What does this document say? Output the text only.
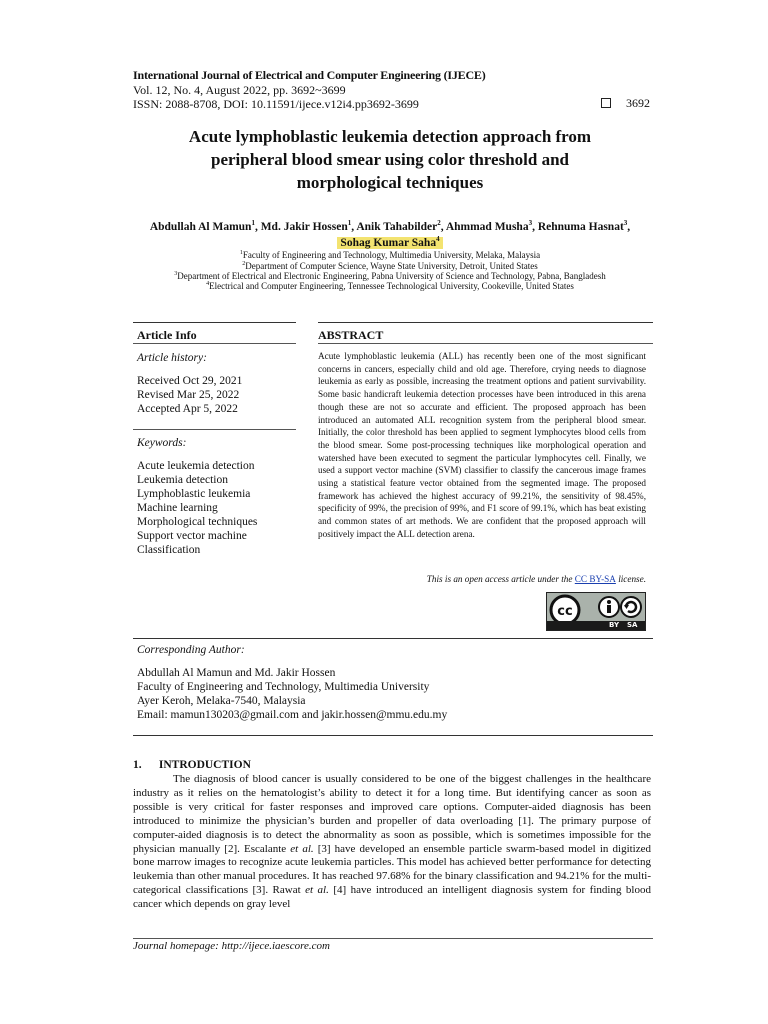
International Journal of Electrical and Computer Engineering (IJECE)
Vol. 12, No. 4, August 2022, pp. 3692~3699
ISSN: 2088-8708, DOI: 10.11591/ijece.v12i4.pp3692-3699	3692
Acute lymphoblastic leukemia detection approach from
peripheral blood smear using color threshold and
morphological techniques
Abdullah Al Mamun$^1$, Md. Jakir Hossen$^1$, Anik Tahabilder$^2$, Ahmmad Musha$^3$, Rehnuma Hasnat$^3$,
Sohag Kumar Saha$^4$
$^1$Faculty of Engineering and Technology, Multimedia University, Melaka, Malaysia
$^2$Department of Computer Science, Wayne State University, Detroit, United States
$^3$Department of Electrical and Electronic Engineering, Pabna University of Science and Technology, Pabna, Bangladesh
$^4$Electrical and Computer Engineering, Tennessee Technological University, Cookeville, United States
Article Info	ABSTRACT
Article history:
Received Oct 29, 2021
Revised Mar 25, 2022
Accepted Apr 5, 2022
Keywords:
Acute leukemia detection
Leukemia detection
Lymphoblastic leukemia
Machine learning
Morphological techniques
Support vector machine
Classification
Acute lymphoblastic leukemia (ALL) has recently been one of the most significant concerns in cancers, especially child and old age. Therefore, crying needs to diagnose leukemia as early as possible, increasing the treatment options and patient survivability. Some basic handicraft leukemia detection processes have been introduced in this arena though these are not so accurate and efficient. The proposed approach has been introduced an automated ALL recognition system from the peripheral blood smear. Initially, the color threshold has been applied to segment lymphocytes blood cells from the blood smear. Some post-processing techniques like morphological operation and watershed have been executed to segment the particular lymphocytes cell. Finally, we used a support vector machine (SVM) classifier to classify the cancerous image frames using a statistical feature vector obtained from the segmented image. The proposed framework has achieved the highest accuracy of 99.21%, the sensitivity of 98.45%, specificity of 99%, the precision of 99%, and F1 score of 99.1%, which has beat existing and common states of art methods. We are confident that the proposed approach will positively impact the ALL detection arena.
This is an open access article under the CC BY-SA license.
cc
BY SA
Corresponding Author:
Abdullah Al Mamun and Md. Jakir Hossen
Faculty of Engineering and Technology, Multimedia University
Ayer Keroh, Melaka-7540, Malaysia
Email: mamun130203@gmail.com and jakir.hossen@mmu.edu.my
1.      INTRODUCTION

The diagnosis of blood cancer is usually considered to be one of the biggest challenges in the healthcare industry as it relies on the hematologist’s ability to detect it for a long time. But identifying cancer as soon as possible is very critical for faster responses and improved care options. Computer-aided diagnosis has been introduced to minimize the physician’s burden and propeller of data overloading [1]. The primary purpose of computer-aided diagnosis is to detect the abnormality as soon as possible, which is sometimes impossible for the physician manually [2]. Escalante et al. [3] have developed an ensemble particle swarm-based model in digitized bone marrow images to recognize acute leukemia particles. This model has achieved better performance for detecting leukemia than other manual procedures. It has reached 97.68% for the binary classification and 94.21% for the multi-categorical classifications [3]. Rawat et al. [4] have introduced an intelligent diagnosis system for finding blood cancer which depends on gray level

Journal homepage: http://ijece.iaescore.com
